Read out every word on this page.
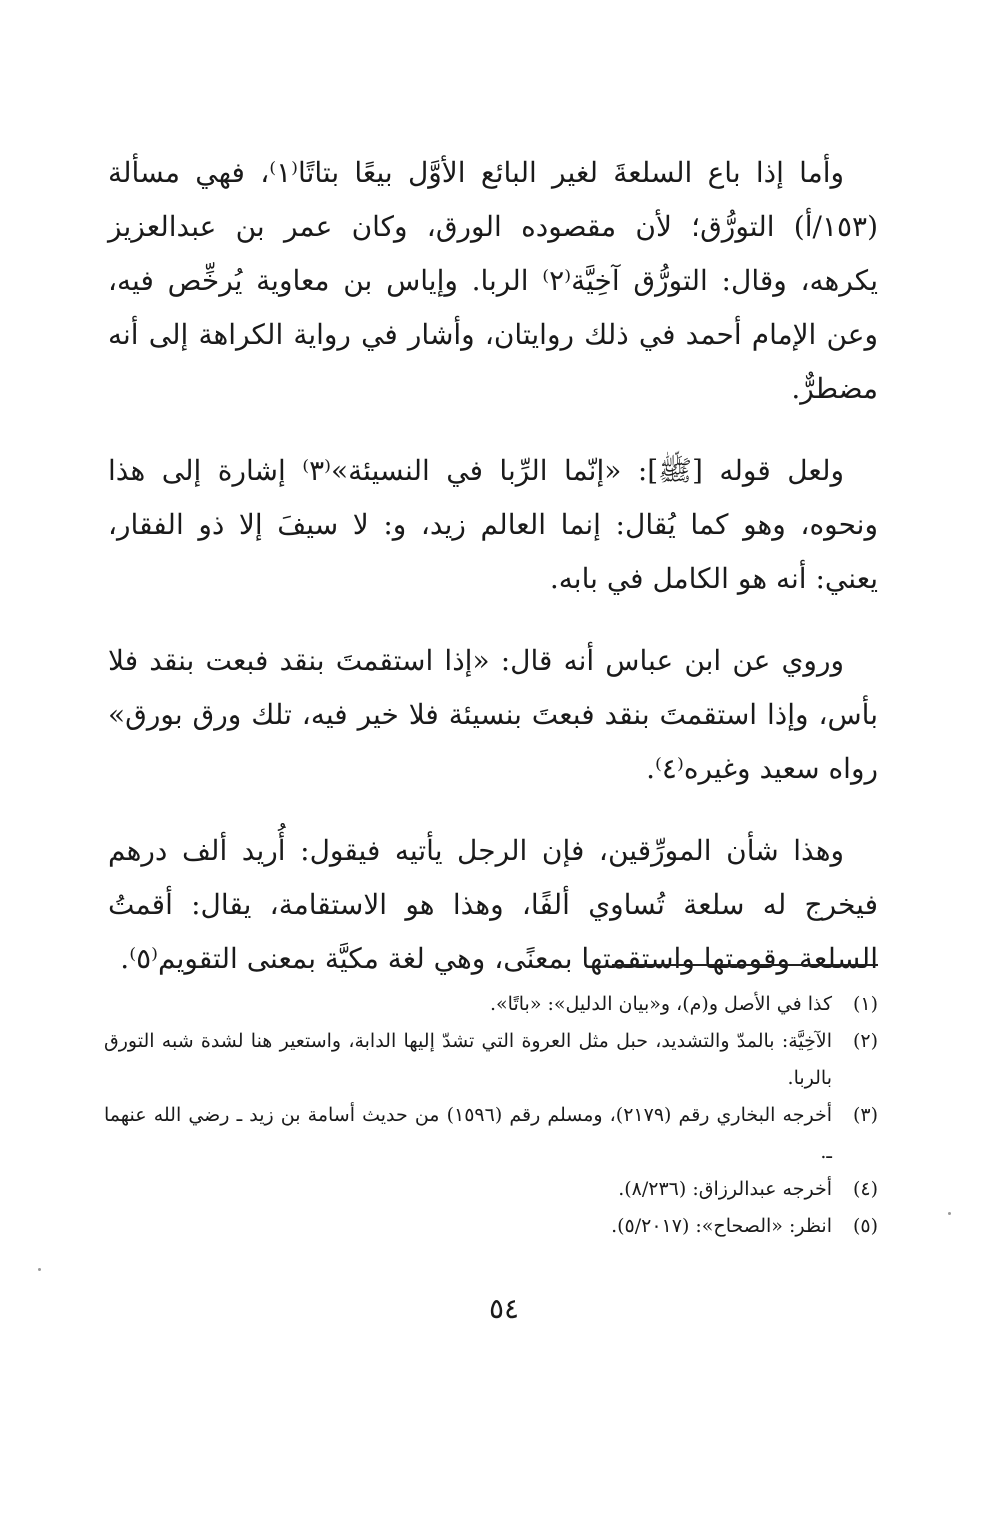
وأما إذا باع السلعةَ لغير البائع الأوَّل بيعًا بتاتًا⁽١⁾، فهي مسألة (١٥٣/أ) التورُّق؛ لأن مقصوده الورق، وكان عمر بن عبدالعزيز يكرهه، وقال: التورُّق آخِيَّة⁽٢⁾ الربا. وإياس بن معاوية يُرخِّص فيه، وعن الإمام أحمد في ذلك روايتان، وأشار في رواية الكراهة إلى أنه مضطرٌّ.

ولعل قوله [ﷺ]: «إنّما الرِّبا في النسيئة»⁽٣⁾ إشارة إلى هذا ونحوه، وهو كما يُقال: إنما العالم زيد، و: لا سيفَ إلا ذو الفقار، يعني: أنه هو الكامل في بابه.

وروي عن ابن عباس أنه قال: «إذا استقمتَ بنقد فبعت بنقد فلا بأس، وإذا استقمتَ بنقد فبعتَ بنسيئة فلا خير فيه، تلك ورق بورق» رواه سعيد وغيره⁽٤⁾.

وهذا شأن المورِّقين، فإن الرجل يأتيه فيقول: أُريد ألف درهم فيخرج له سلعة تُساوي ألفًا، وهذا هو الاستقامة، يقال: أقمتُ السلعة وقومتها واستقمتها بمعنًى، وهي لغة مكيَّة بمعنى التقويم⁽٥⁾.

(١)
كذا في الأصل و(م)، و«بيان الدليل»: «باتًا».
(٢)
الآخِيَّة: بالمدّ والتشديد، حبل مثل العروة التي تشدّ إليها الدابة، واستعير هنا لشدة شبه التورق بالربا.
(٣)
أخرجه البخاري رقم (٢١٧٩)، ومسلم رقم (١٥٩٦) من حديث أسامة بن زيد ـ رضي الله عنهما ـ.
(٤)
أخرجه عبدالرزاق: (٨/٢٣٦).
(٥)
انظر: «الصحاح»: (٥/٢٠١٧).
٥٤
